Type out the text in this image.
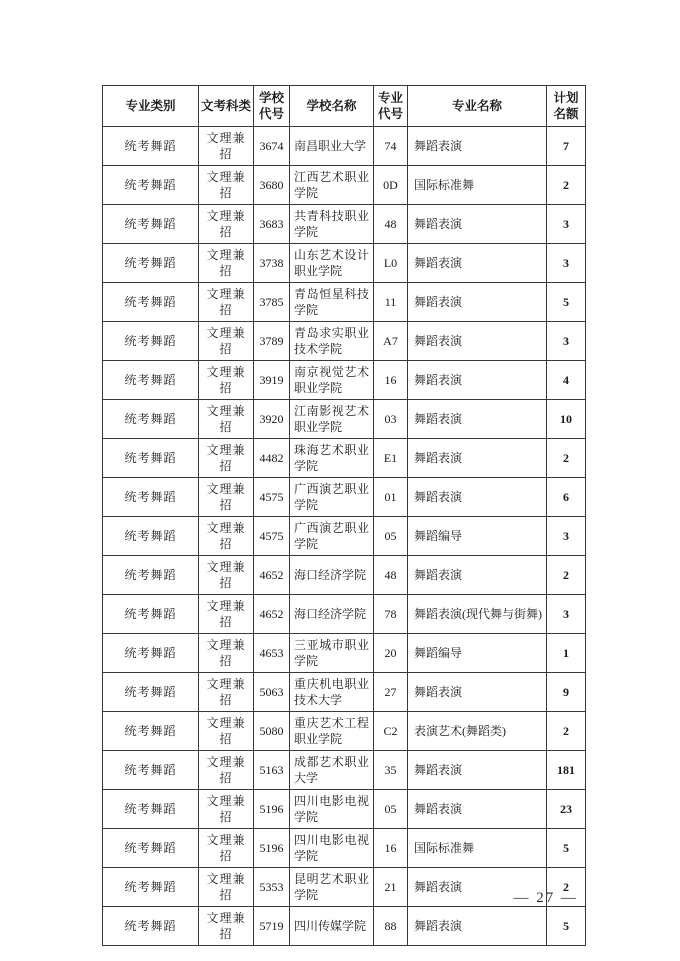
专业类别	文考科类	学校代号	学校名称	专业代号	专业名称	计划名额
统考舞蹈	文理兼招	3674	南昌职业大学	74	舞蹈表演	7
统考舞蹈	文理兼招	3680	江西艺术职业学院	0D	国际标准舞	2
统考舞蹈	文理兼招	3683	共青科技职业学院	48	舞蹈表演	3
统考舞蹈	文理兼招	3738	山东艺术设计职业学院	L0	舞蹈表演	3
统考舞蹈	文理兼招	3785	青岛恒星科技学院	11	舞蹈表演	5
统考舞蹈	文理兼招	3789	青岛求实职业技术学院	A7	舞蹈表演	3
统考舞蹈	文理兼招	3919	南京视觉艺术职业学院	16	舞蹈表演	4
统考舞蹈	文理兼招	3920	江南影视艺术职业学院	03	舞蹈表演	10
统考舞蹈	文理兼招	4482	珠海艺术职业学院	E1	舞蹈表演	2
统考舞蹈	文理兼招	4575	广西演艺职业学院	01	舞蹈表演	6
统考舞蹈	文理兼招	4575	广西演艺职业学院	05	舞蹈编导	3
统考舞蹈	文理兼招	4652	海口经济学院	48	舞蹈表演	2
统考舞蹈	文理兼招	4652	海口经济学院	78	舞蹈表演(现代舞与街舞)	3
统考舞蹈	文理兼招	4653	三亚城市职业学院	20	舞蹈编导	1
统考舞蹈	文理兼招	5063	重庆机电职业技术大学	27	舞蹈表演	9
统考舞蹈	文理兼招	5080	重庆艺术工程职业学院	C2	表演艺术(舞蹈类)	2
统考舞蹈	文理兼招	5163	成都艺术职业大学	35	舞蹈表演	181
统考舞蹈	文理兼招	5196	四川电影电视学院	05	舞蹈表演	23
统考舞蹈	文理兼招	5196	四川电影电视学院	16	国际标准舞	5
统考舞蹈	文理兼招	5353	昆明艺术职业学院	21	舞蹈表演	2
统考舞蹈	文理兼招	5719	四川传媒学院	88	舞蹈表演	5
— 27 —
